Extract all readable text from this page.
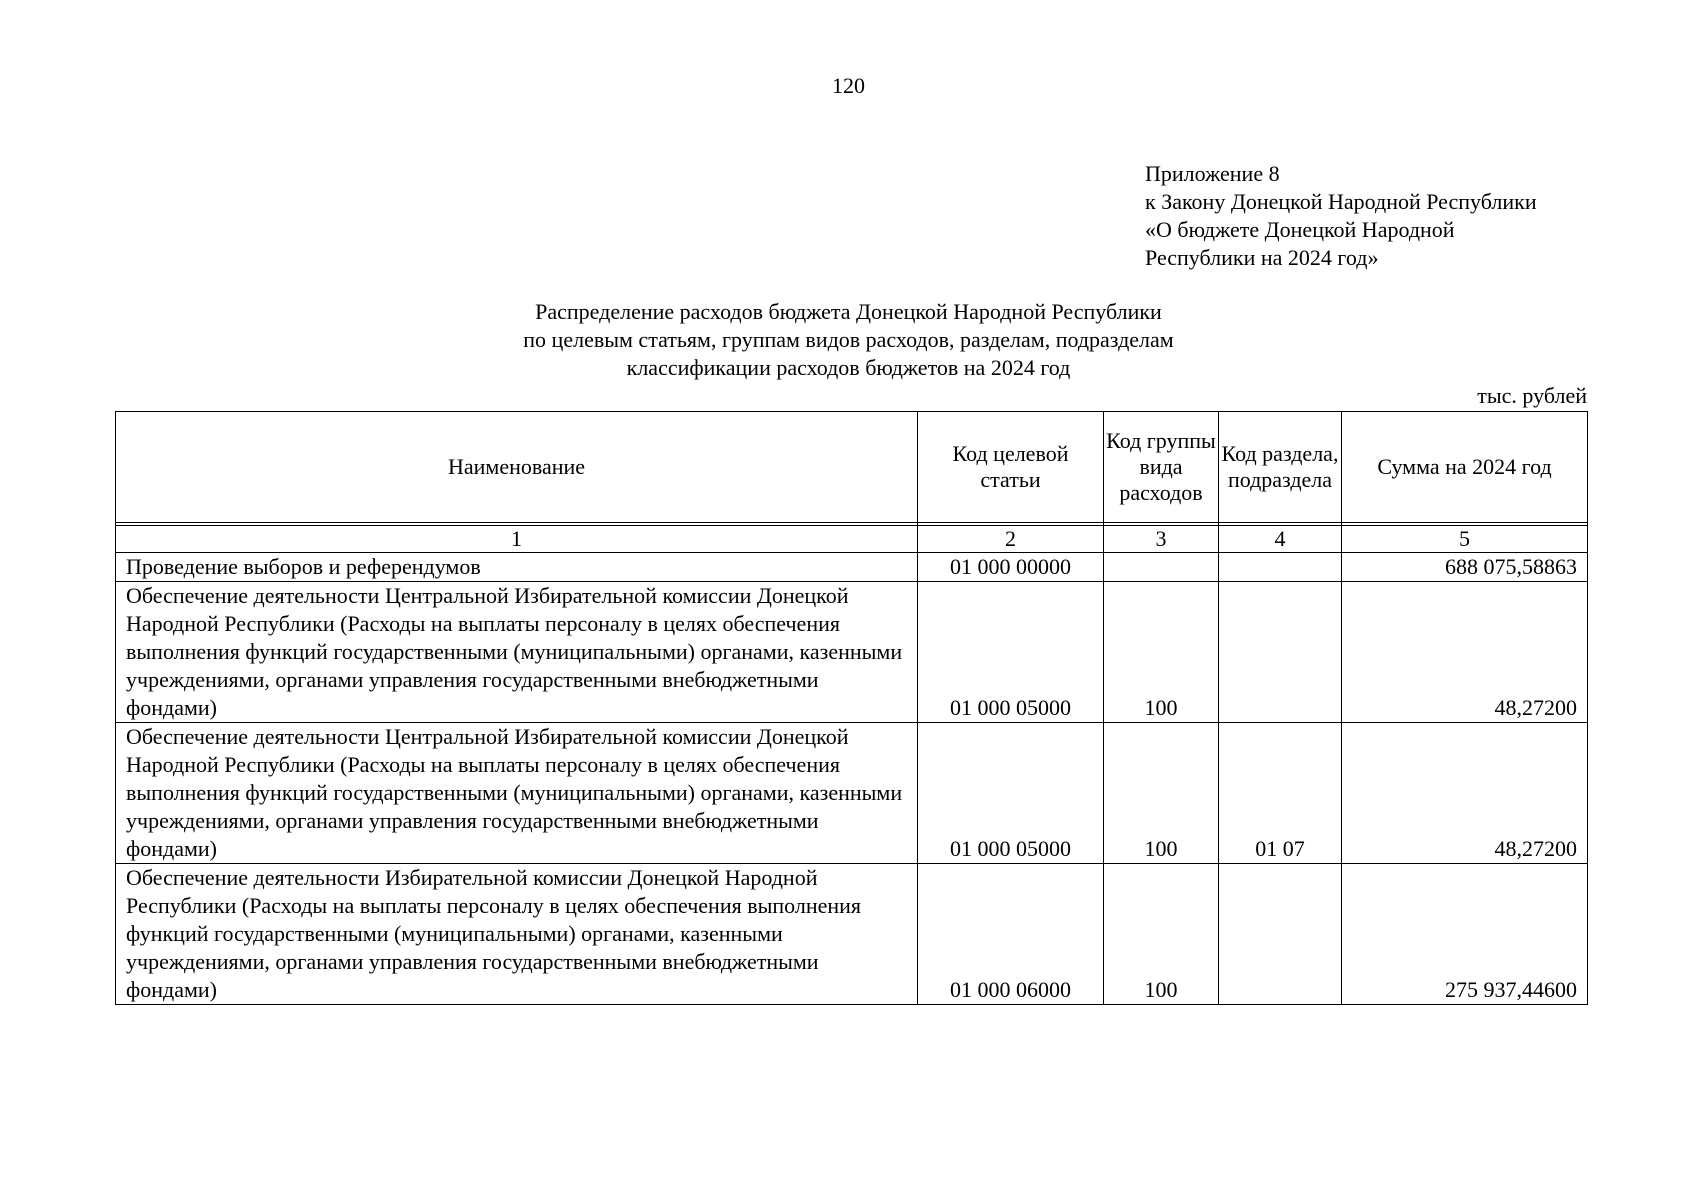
120
Приложение 8
к Закону Донецкой Народной Республики
«О бюджете Донецкой Народной
Республики на 2024 год»
Распределение расходов бюджета Донецкой Народной Республики
по целевым статьям, группам видов расходов, разделам, подразделам
классификации расходов бюджетов на 2024 год
тыс. рублей
Наименование	Код целевой статьи	Код группы вида расходов	Код раздела, подраздела	Сумма на 2024 год

1	2	3	4	5
Проведение выборов и референдумов	01 000 00000			688 075,58863
Обеспечение деятельности Центральной Избирательной комиссии Донецкой Народной Республики (Расходы на выплаты персоналу в целях обеспечения выполнения функций государственными (муниципальными) органами, казенными учреждениями, органами управления государственными внебюджетными фондами)	01 000 05000	100		48,27200
Обеспечение деятельности Центральной Избирательной комиссии Донецкой Народной Республики (Расходы на выплаты персоналу в целях обеспечения выполнения функций государственными (муниципальными) органами, казенными учреждениями, органами управления государственными внебюджетными фондами)	01 000 05000	100	01 07	48,27200
Обеспечение деятельности Избирательной комиссии Донецкой Народной Республики (Расходы на выплаты персоналу в целях обеспечения выполнения функций государственными (муниципальными) органами, казенными учреждениями, органами управления государственными внебюджетными фондами)	01 000 06000	100		275 937,44600
